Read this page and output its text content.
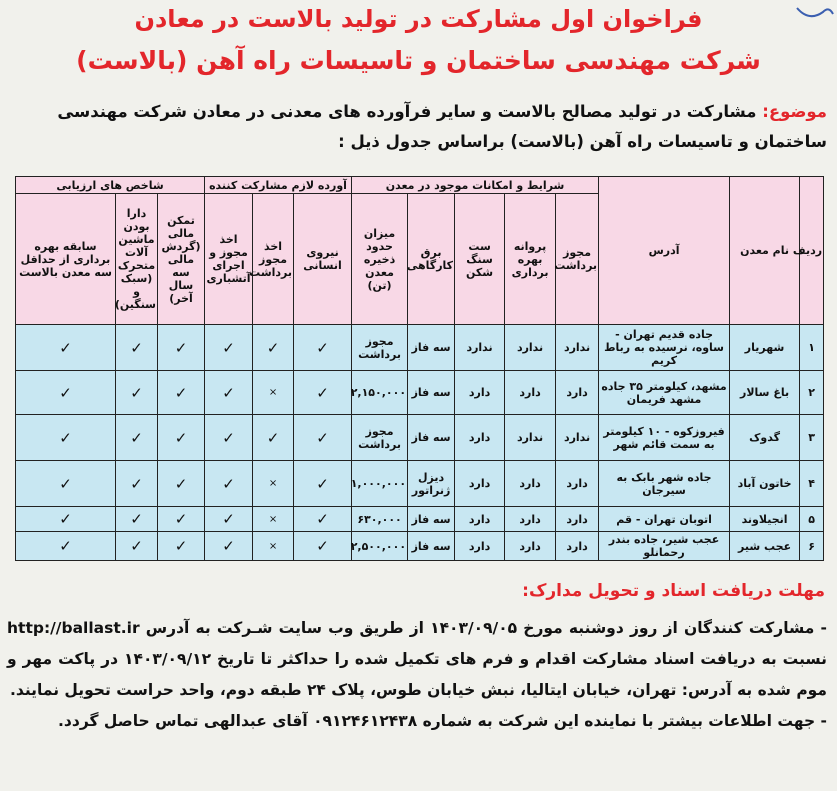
فراخوان اول مشارکت در تولید بالاست در معادن
شرکت مهندسی ساختمان و تاسیسات راه آهن (بالاست)
موضوع: مشارکت در تولید مصالح بالاست و سایر فرآورده های معدنی در معادن شرکت مهندسی ساختمان و تاسیسات راه آهن (بالاست) براساس جدول ذیل :
ردیف	نام معدن	آدرس	شرایط و امکانات موجود در معدن					آورده لازم مشارکت کننده			شاخص های ارزیابی		
			مجوز برداشت	پروانه بهره برداری	ست سنگ شکن	برق کارگاهی	میزان حدود ذخیره معدن (تن)	نیروی انسانی	اخذ مجوز برداشت	اخذ مجوز و اجرای آتشباری	تمکن مالی (گردش مالی سه سال آخر)	دارا بودن ماشین آلات متحرک (سبک و سنگین)	سابقه بهره برداری از حداقل سه معدن بالاست
۱	شهریار	جاده قدیم تهران - ساوه، نرسیده به رباط کریم	ندارد	ندارد	ندارد	سه فاز	مجوز برداشت	✓	✓	✓	✓	✓	✓
۲	باغ سالار	مشهد، کیلومتر ۳۵ جاده مشهد فریمان	دارد	دارد	دارد	سه فاز	۲,۱۵۰,۰۰۰	✓	×	✓	✓	✓	✓
۳	گدوک	فیروزکوه - ۱۰ کیلومتر به سمت قائم شهر	ندارد	ندارد	دارد	سه فاز	مجوز برداشت	✓	✓	✓	✓	✓	✓
۴	خاتون آباد	جاده شهر بابک به سیرجان	دارد	دارد	دارد	دیزل ژنراتور	۱,۰۰۰,۰۰۰	✓	×	✓	✓	✓	✓
۵	انجیلاوند	اتوبان تهران - قم	دارد	دارد	دارد	سه فاز	۶۳۰,۰۰۰	✓	×	✓	✓	✓	✓
۶	عجب شیر	عجب شیر، جاده بندر رحمانلو	دارد	دارد	دارد	سه فاز	۲,۵۰۰,۰۰۰	✓	×	✓	✓	✓	✓
مهلت دریافت اسناد و تحویل مدارک:

- مشارکت کنندگان از روز دوشنبه مورخ ۱۴۰۳/۰۹/۰۵ از طریق وب سایت شـرکت به آدرس http://ballast.ir نسبت به دریافت اسناد مشارکت اقدام و فرم های تکمیل شده را حداکثر تا تاریخ ۱۴۰۳/۰۹/۱۲ در پاکت مهر و موم شده به آدرس: تهران، خیابان ایتالیا، نبش خیابان طوس، پلاک ۲۴ طبقه دوم، واحد حراست تحویل نمایند.

- جهت اطلاعات بیشتر با نماینده این شرکت به شماره ۰۹۱۲۴۶۱۲۴۳۸ آقای عبدالهی تماس حاصل گردد.
